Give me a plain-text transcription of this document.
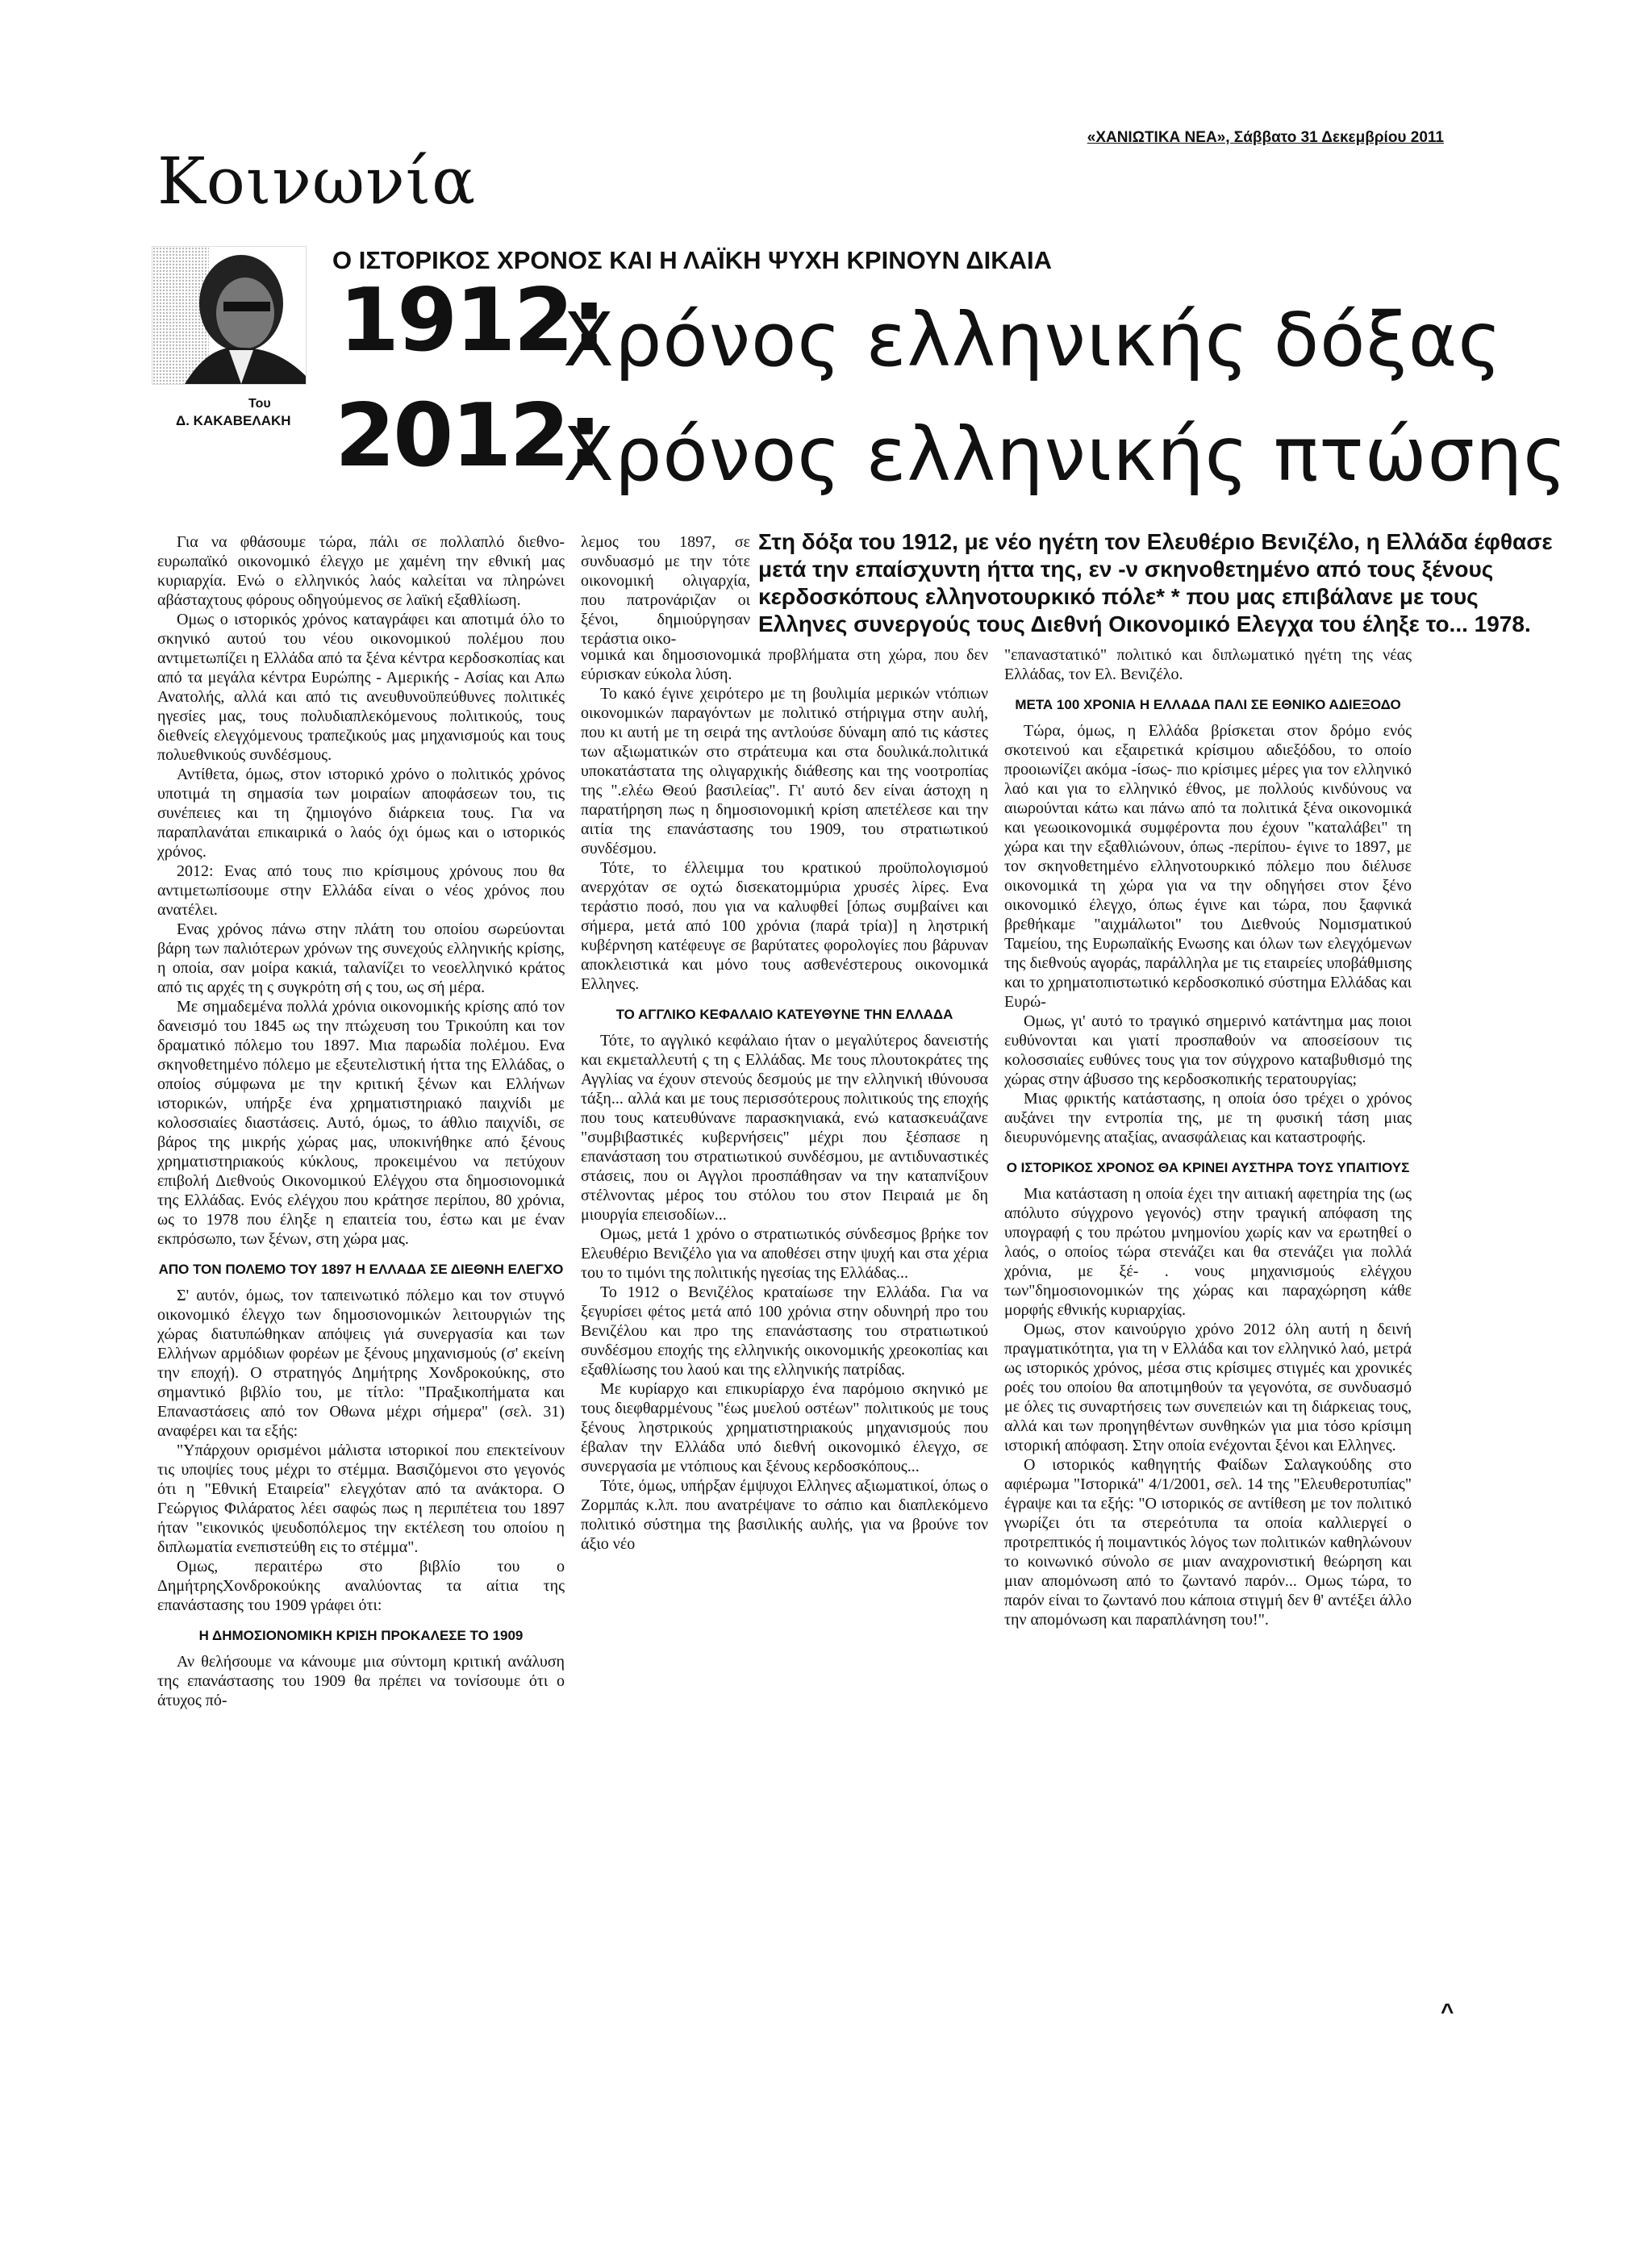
«ΧΑΝΙΩΤΙΚΑ ΝΕΑ», Σάββατο 31 Δεκεμβρίου 2011
Κοινωνία
Του
Δ. ΚΑΚΑΒΕΛΑΚΗ
Ο ΙΣΤΟΡΙΚΟΣ ΧΡΟΝΟΣ ΚΑΙ Η ΛΑΪΚΗ ΨΥΧΗ ΚΡΙΝΟΥΝ ΔΙΚΑΙΑ
1912:
Χρόνος ελληνικής δόξας
2012:
Χρόνος ελληνικής πτώσης
Στη δόξα του 1912, με νέο ηγέτη τον Ελευθέριο Βενιζέλο, η Ελλάδα έφθασε μετά την επαίσχυντη ήττα της, εν -ν σκηνοθετημένο από τους ξένους κερδοσκόπους ελληνοτουρκικό πόλε* * που μας επιβάλανε με τους Ελληνες συνεργούς τους Διεθνή Οικονομικό Ελεγχα του έληξε το... 1978.

Για να φθάσουμε τώρα, πάλι σε πολλαπλό διεθνο-ευρωπαϊκό οικονομικό έλεγχο με χαμένη την εθνική μας κυριαρχία. Ενώ ο ελληνικός λαός καλείται να πληρώνει αβάσταχτους φόρους οδηγούμενος σε λαϊκή εξαθλίωση.

Ομως ο ιστορικός χρόνος καταγράφει και αποτιμά όλο το σκηνικό αυτού του νέου οικονομικού πολέμου που αντιμετωπίζει η Ελλάδα από τα ξένα κέντρα κερδοσκοπίας και από τα μεγάλα κέντρα Ευρώπης - Αμερικής - Ασίας και Απω Ανατολής, αλλά και από τις ανευθυνοϋπεύθυνες πολιτικές ηγεσίες μας, τους πολυδιαπλεκόμενους πολιτικούς, τους διεθνείς ελεγχόμενους τραπεζικούς μας μηχανισμούς και τους πολυεθνικούς συνδέσμους.

Αντίθετα, όμως, στον ιστορικό χρόνο ο πολιτικός χρόνος υποτιμά τη σημασία των μοιραίων αποφάσεων του, τις συνέπειες και τη ζημιογόνο διάρκεια τους. Για να παραπλανάται επικαιρικά ο λαός όχι όμως και ο ιστορικός χρόνος.

2012: Ενας από τους πιο κρίσιμους χρόνους που θα αντιμετωπίσουμε στην Ελλάδα είναι ο νέος χρόνος που ανατέλει.

Ενας χρόνος πάνω στην πλάτη του οποίου σωρεύονται βάρη των παλιότερων χρόνων της συνεχούς ελληνικής κρίσης, η οποία, σαν μοίρα κακιά, ταλανίζει το νεοελληνικό κράτος από τις αρχές τη ς συγκρότη σή ς του, ως σή μέρα.

Με σημαδεμένα πολλά χρόνια οικονομικής κρίσης από τον δανεισμό του 1845 ως την πτώχευση του Τρικούπη και τον δραματικό πόλεμο του 1897. Μια παρωδία πολέμου. Ενα σκηνοθετημένο πόλεμο με εξευτελιστική ήττα της Ελλάδας, ο οποίος σύμφωνα με την κριτική ξένων και Ελλήνων ιστορικών, υπήρξε ένα χρηματιστηριακό παιχνίδι με κολοσσιαίες διαστάσεις. Αυτό, όμως, το άθλιο παιχνίδι, σε βάρος της μικρής χώρας μας, υποκινήθηκε από ξένους χρηματιστηριακούς κύκλους, προκειμένου να πετύχουν επιβολή Διεθνούς Οικονομικού Ελέγχου στα δημοσιονομικά της Ελλάδας. Ενός ελέγχου που κράτησε περίπου, 80 χρόνια, ως το 1978 που έληξε η επαιτεία του, έστω και με έναν εκπρόσωπο, των ξένων, στη χώρα μας.

ΑΠΟ ΤΟΝ ΠΟΛΕΜΟ ΤΟΥ 1897 Η ΕΛΛΑΔΑ ΣΕ ΔΙΕΘΝΗ ΕΛΕΓΧΟ

Σ' αυτόν, όμως, τον ταπεινωτικό πόλεμο και τον στυγνό οικονομικό έλεγχο των δημοσιονομικών λειτουργιών της χώρας διατυπώθηκαν απόψεις γιά συνεργασία και των Ελλήνων αρμόδιων φορέων με ξένους μηχανισμούς (σ' εκείνη την εποχή). Ο στρατηγός Δημήτρης Χονδροκούκης, στο σημαντικό βιβλίο του, με τίτλο: "Πραξικοπήματα και Επαναστάσεις από τον Οθωνα μέχρι σήμερα" (σελ. 31) αναφέρει και τα εξής:

"Υπάρχουν ορισμένοι μάλιστα ιστορικοί που επεκτείνουν τις υποψίες τους μέχρι το στέμμα. Βασιζόμενοι στο γεγονός ότι η "Εθνική Εταιρεία" ελεγχόταν από τα ανάκτορα. Ο Γεώργιος Φιλάρατος λέει σαφώς πως η περιπέτεια του 1897 ήταν "εικονικός ψευδοπόλεμος την εκτέλεση του οποίου η διπλωματία ενεπιστεύθη εις το στέμμα".

Ομως, περαιτέρω στο βιβλίο του ο ΔημήτρηςΧονδροκούκης αναλύοντας τα αίτια της επανάστασης του 1909 γράφει ότι:

Η ΔΗΜΟΣΙΟΝΟΜΙΚΗ ΚΡΙΣΗ ΠΡΟΚΑΛΕΣΕ ΤΟ 1909

Αν θελήσουμε να κάνουμε μια σύντομη κριτική ανάλυση της επανάστασης του 1909 θα πρέπει να τονίσουμε ότι ο άτυχος πό-

λεμος του 1897, σε συνδυασμό με την τότε οικονομική ολιγαρχία, που πατρονάριζαν οι ξένοι, δημιούργησαν τεράστια οικο-

νομικά και δημοσιονομικά προβλήματα στη χώρα, που δεν εύρισκαν εύκολα λύση.

Το κακό έγινε χειρότερο με τη βουλιμία μερικών ντόπιων οικονομικών παραγόντων με πολιτικό στήριγμα στην αυλή, που κι αυτή με τη σειρά της αντλούσε δύναμη από τις κάστες των αξιωματικών στο στράτευμα και στα δουλικά.πολιτικά υποκατάστατα της ολιγαρχικής διάθεσης και της νοοτροπίας της ".ελέω Θεού βασιλείας". Γι' αυτό δεν είναι άστοχη η παρατήρηση πως η δημοσιονομική κρίση απετέλεσε και την αιτία της επανάστασης του 1909, του στρατιωτικού συνδέσμου.

Τότε, το έλλειμμα του κρατικού προϋπολογισμού ανερχόταν σε οχτώ δισεκατομμύρια χρυσές λίρες. Ενα τεράστιο ποσό, που για να καλυφθεί [όπως συμβαίνει και σήμερα, μετά από 100 χρόνια (παρά τρία)] η ληστρική κυβέρνηση κατέφευγε σε βαρύτατες φορολογίες που βάρυναν αποκλειστικά και μόνο τους ασθενέστερους οικονομικά Ελληνες.

ΤΟ ΑΓΓΛΙΚΟ ΚΕΦΑΛΑΙΟ ΚΑΤΕΥΘΥΝΕ ΤΗΝ ΕΛΛΑΔΑ

Τότε, το αγγλικό κεφάλαιο ήταν ο μεγαλύτερος δανειστής και εκμεταλλευτή ς τη ς Ελλάδας. Με τους πλουτοκράτες της Αγγλίας να έχουν στενούς δεσμούς με την ελληνική ιθύνουσα τάξη... αλλά και με τους περισσότερους πολιτικούς της εποχής που τους κατευθύνανε παρασκηνιακά, ενώ κατασκευάζανε "συμβιβαστικές κυβερνήσεις" μέχρι που ξέσπασε η επανάσταση του στρατιωτικού συνδέσμου, με αντιδυναστικές στάσεις, που οι Αγγλοι προσπάθησαν να την καταπνίξουν στέλνοντας μέρος του στόλου του στον Πειραιά με δη μιουργία επεισοδίων...

Ομως, μετά 1 χρόνο ο στρατιωτικός σύνδεσμος βρήκε τον Ελευθέριο Βενιζέλο για να αποθέσει στην ψυχή και στα χέρια του το τιμόνι της πολιτικής ηγεσίας της Ελλάδας...

Το 1912 ο Βενιζέλος κραταίωσε την Ελλάδα. Για να ξεγυρίσει φέτος μετά από 100 χρόνια στην οδυνηρή προ του Βενιζέλου και προ της επανάστασης του στρατιωτικού συνδέσμου εποχής της ελληνικής οικονομικής χρεοκοπίας και εξαθλίωσης του λαού και της ελληνικής πατρίδας.

Με κυρίαρχο και επικυρίαρχο ένα παρόμοιο σκηνικό με τους διεφθαρμένους "έως μυελού οστέων" πολιτικούς με τους ξένους ληστρικούς χρηματιστηριακούς μηχανισμούς που έβαλαν την Ελλάδα υπό διεθνή οικονομικό έλεγχο, σε συνεργασία με ντόπιους και ξένους κερδοσκόπους...

Τότε, όμως, υπήρξαν έμψυχοι Ελληνες αξιωματικοί, όπως ο Ζορμπάς κ.λπ. που ανατρέψανε το σάπιο και διαπλεκόμενο πολιτικό σύστημα της βασιλικής αυλής, για να βρούνε τον άξιο νέο

"επαναστατικό" πολιτικό και διπλωματικό ηγέτη της νέας Ελλάδας, τον Ελ. Βενιζέλο.

ΜΕΤΑ 100 ΧΡΟΝΙΑ Η ΕΛΛΑΔΑ ΠΑΛΙ ΣΕ ΕΘΝΙΚΟ ΑΔΙΕΞΟΔΟ

Τώρα, όμως, η Ελλάδα βρίσκεται στον δρόμο ενός σκοτεινού και εξαιρετικά κρίσιμου αδιεξόδου, το οποίο προοιωνίζει ακόμα -ίσως- πιο κρίσιμες μέρες για τον ελληνικό λαό και για το ελληνικό έθνος, με πολλούς κινδύνους να αιωρούνται κάτω και πάνω από τα πολιτικά ξένα οικονομικά και γεωοικονομικά συμφέροντα που έχουν "καταλάβει" τη χώρα και την εξαθλιώνουν, όπως -περίπου- έγινε το 1897, με τον σκηνοθετημένο ελληνοτουρκικό πόλεμο που διέλυσε οικονομικά τη χώρα για να την οδηγήσει στον ξένο οικονομικό έλεγχο, όπως έγινε και τώρα, που ξαφνικά βρεθήκαμε "αιχμάλωτοι" του Διεθνούς Νομισματικού Ταμείου, της Ευρωπαϊκής Ενωσης και όλων των ελεγχόμενων της διεθνούς αγοράς, παράλληλα με τις εταιρείες υποβάθμισης και το χρηματοπιστωτικό κερδοσκοπικό σύστημα Ελλάδας και Ευρώ-

Ομως, γι' αυτό το τραγικό σημερινό κατάντημα μας ποιοι ευθύνονται και γιατί προσπαθούν να αποσείσουν τις κολοσσιαίες ευθύνες τους για τον σύγχρονο καταβυθισμό της χώρας στην άβυσσο της κερδοσκοπικής τερατουργίας;

Μιας φρικτής κατάστασης, η οποία όσο τρέχει ο χρόνος αυξάνει την εντροπία της, με τη φυσική τάση μιας διευρυνόμενης αταξίας, ανασφάλειας και καταστροφής.

Ο ΙΣΤΟΡΙΚΟΣ ΧΡΟΝΟΣ ΘΑ ΚΡΙΝΕΙ ΑΥΣΤΗΡΑ ΤΟΥΣ ΥΠΑΙΤΙΟΥΣ

Μια κατάσταση η οποία έχει την αιτιακή αφετηρία της (ως απόλυτο σύγχρονο γεγονός) στην τραγική απόφαση της υπογραφή ς του πρώτου μνημονίου χωρίς καν να ερωτηθεί ο λαός, ο οποίος τώρα στενάζει και θα στενάζει για πολλά χρόνια, με ξέ- . νους μηχανισμούς ελέγχου των"δημοσιονομικών της χώρας και παραχώρηση κάθε μορφής εθνικής κυριαρχίας.

Ομως, στον καινούργιο χρόνο 2012 όλη αυτή η δεινή πραγματικότητα, για τη ν Ελλάδα και τον ελληνικό λαό, μετρά ως ιστορικός χρόνος, μέσα στις κρίσιμες στιγμές και χρονικές ροές του οποίου θα αποτιμηθούν τα γεγονότα, σε συνδυασμό με όλες τις συναρτήσεις των συνεπειών και τη διάρκειας τους, αλλά και των προηγηθέντων συνθηκών για μια τόσο κρίσιμη ιστορική απόφαση. Στην οποία ενέχονται ξένοι και Ελληνες.

Ο ιστορικός καθηγητής Φαίδων Σαλαγκούδης στο αφιέρωμα "Ιστορικά" 4/1/2001, σελ. 14 της "Ελευθεροτυπίας" έγραψε και τα εξής: "Ο ιστορικός σε αντίθεση με τον πολιτικό γνωρίζει ότι τα στερεότυπα τα οποία καλλιεργεί ο προτρεπτικός ή ποιμαντικός λόγος των πολιτικών καθηλώνουν το κοινωνικό σύνολο σε μιαν αναχρονιστική θεώρηση και μιαν απομόνωση από το ζωντανό παρόν... Ομως τώρα, το παρόν είναι το ζωντανό που κάποια στιγμή δεν θ' αντέξει άλλο την απομόνωση και παραπλάνηση του!".

^
